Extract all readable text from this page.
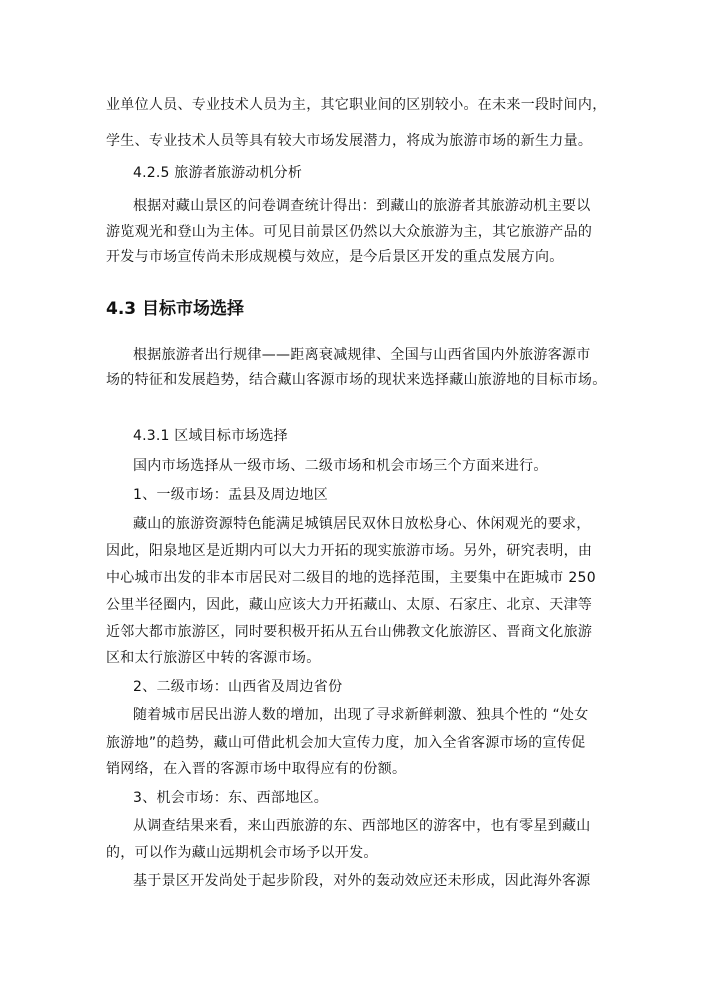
业单位人员、专业技术人员为主，其它职业间的区别较小。在未来一段时间内，
学生、专业技术人员等具有较大市场发展潜力，将成为旅游市场的新生力量。
4.2.5 旅游者旅游动机分析
根据对藏山景区的问卷调查统计得出：到藏山的旅游者其旅游动机主要以
游览观光和登山为主体。可见目前景区仍然以大众旅游为主，其它旅游产品的
开发与市场宣传尚未形成规模与效应，是今后景区开发的重点发展方向。
4.3 目标市场选择
根据旅游者出行规律——距离衰减规律、全国与山西省国内外旅游客源市
场的特征和发展趋势，结合藏山客源市场的现状来选择藏山旅游地的目标市场。
4.3.1 区域目标市场选择
国内市场选择从一级市场、二级市场和机会市场三个方面来进行。
1、一级市场：盂县及周边地区
藏山的旅游资源特色能满足城镇居民双休日放松身心、休闲观光的要求，
因此，阳泉地区是近期内可以大力开拓的现实旅游市场。另外，研究表明，由
中心城市出发的非本市居民对二级目的地的选择范围，主要集中在距城市 250
公里半径圈内，因此，藏山应该大力开拓藏山、太原、石家庄、北京、天津等
近邻大都市旅游区，同时要积极开拓从五台山佛教文化旅游区、晋商文化旅游
区和太行旅游区中转的客源市场。
2、二级市场：山西省及周边省份
随着城市居民出游人数的增加，出现了寻求新鲜刺激、独具个性的 “处女
旅游地”的趋势，藏山可借此机会加大宣传力度，加入全省客源市场的宣传促
销网络，在入晋的客源市场中取得应有的份额。
3、机会市场：东、西部地区。
从调查结果来看，来山西旅游的东、西部地区的游客中，也有零星到藏山
的，可以作为藏山远期机会市场予以开发。
基于景区开发尚处于起步阶段，对外的轰动效应还未形成，因此海外客源
